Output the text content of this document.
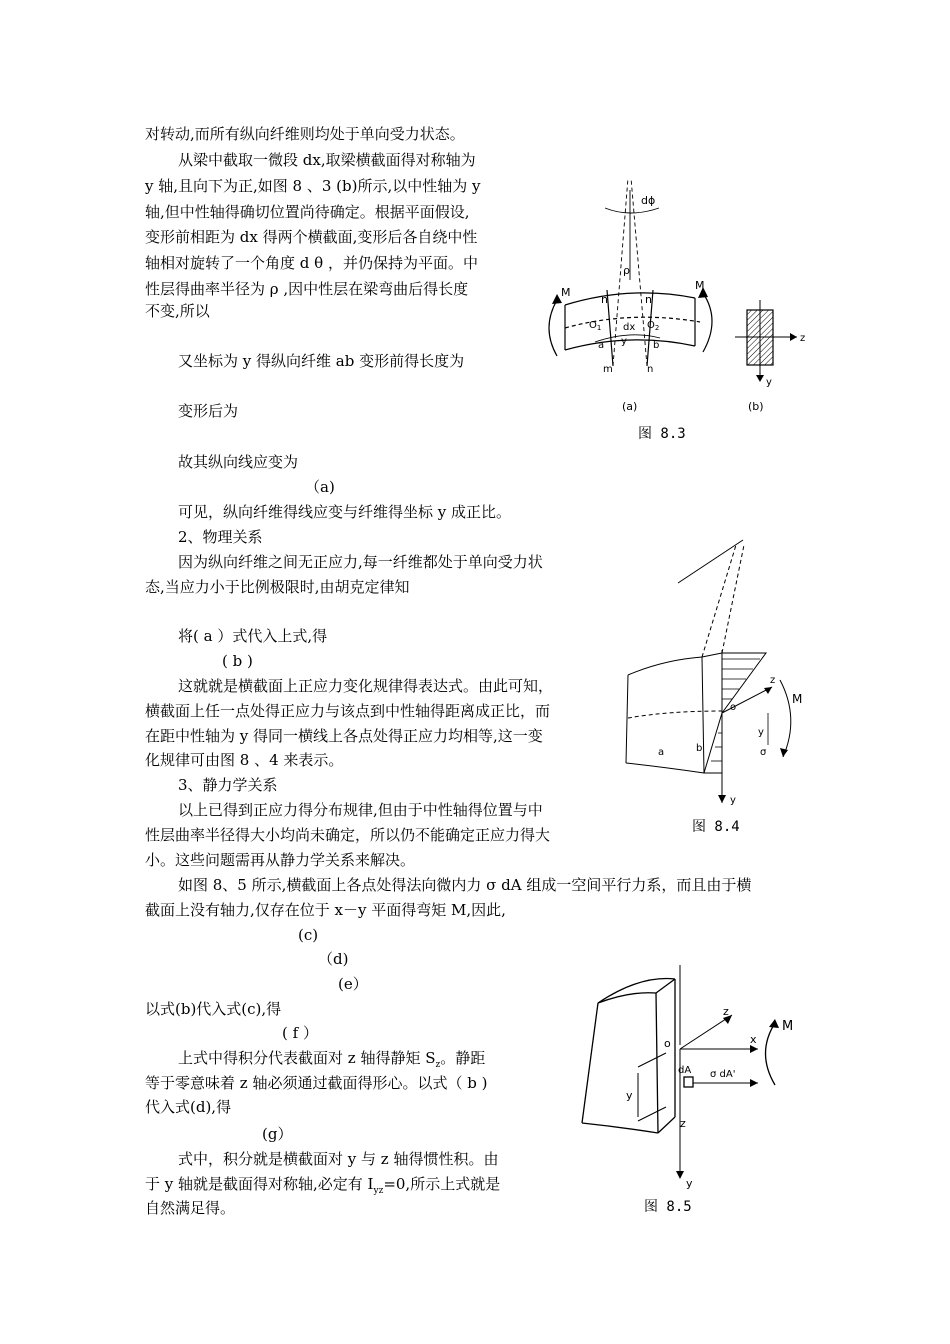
对转动,而所有纵向纤维则均处于单向受力状态。
从梁中截取一微段 dx,取梁横截面得对称轴为
y 轴,且向下为正,如图 8 、3 (b)所示,以中性轴为 y
轴,但中性轴得确切位置尚待确定。根据平面假设,
变形前相距为 dx 得两个横截面,变形后各自绕中性
轴相对旋转了一个角度 d θ ，并仍保持为平面。中
性层得曲率半径为 ρ ,因中性层在梁弯曲后得长度
不变,所以
又坐标为 y 得纵向纤维 ab 变形前得长度为
变形后为
故其纵向线应变为
（a)
可见，纵向纤维得线应变与纤维得坐标 y 成正比。
2、物理关系
因为纵向纤维之间无正应力,每一纤维都处于单向受力状
态,当应力小于比例极限时,由胡克定律知
将( a ）式代入上式,得
( b )
这就就是横截面上正应力变化规律得表达式。由此可知，
横截面上任一点处得正应力与该点到中性轴得距离成正比，而
在距中性轴为 y 得同一横线上各点处得正应力均相等,这一变
化规律可由图 8 、4 来表示。
3、静力学关系
以上已得到正应力得分布规律,但由于中性轴得位置与中
性层曲率半径得大小均尚未确定，所以仍不能确定正应力得大
小。这些问题需再从静力学关系来解决。
如图 8、5 所示,横截面上各点处得法向微内力 σ dA 组成一空间平行力系，而且由于横
截面上没有轴力,仅存在位于 x－y 平面得弯矩 M,因此,
(c)
（d)
(e）
以式(b)代入式(c),得
( f ）
上式中得积分代表截面对 z 轴得静矩 $S_z$。静距
等于零意味着 z 轴必须通过截面得形心。以式（ b )
代入式(d),得
(g）
式中，积分就是横截面对 y 与 z 轴得惯性积。由
于 y 轴就是截面得对称轴,必定有 $I_{yz}=0$,所示上式就是
自然满足得。
M
M
n	n
m	n
$O_1$	$O_2$
dx
a	b
y
ρ
dϕ
z
y
(a)	(b)
图 8.3
z
M
o
y
σ
a	b
y
图 8.4
z
M
x
o
dA σ dA'
y
z
y
图 8.5
